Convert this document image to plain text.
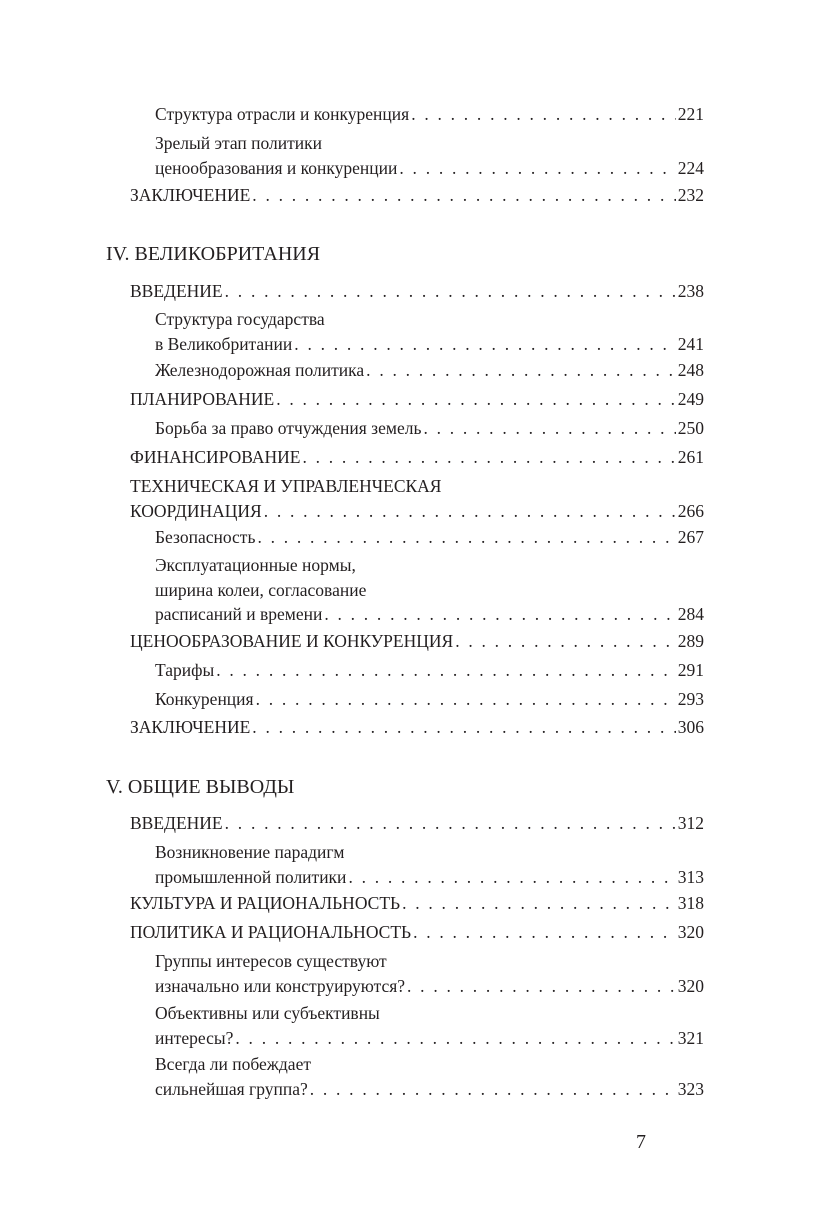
Структура отрасли и конкуренция . . .	221
Зрелый этап политики
ценообразования и конкуренции . . .	224
ЗАКЛЮЧЕНИЕ . . .	232
IV. ВЕЛИКОБРИТАНИЯ
ВВЕДЕНИЕ . . .	238
Структура государства
в Великобритании . . .	241
Железнодорожная политика . . .	248
ПЛАНИРОВАНИЕ . . .	249
Борьба за право отчуждения земель . . .	250
ФИНАНСИРОВАНИЕ . . .	261
ТЕХНИЧЕСКАЯ И УПРАВЛЕНЧЕСКАЯ
КООРДИНАЦИЯ . . .	266
Безопасность . . .	267
Эксплуатационные нормы,
ширина колеи, согласование
расписаний и времени . . .	284
ЦЕНООБРАЗОВАНИЕ И КОНКУРЕНЦИЯ . . .	289
Тарифы . . .	291
Конкуренция . . .	293
ЗАКЛЮЧЕНИЕ . . .	306
V. ОБЩИЕ ВЫВОДЫ
ВВЕДЕНИЕ . . .	312
Возникновение парадигм
промышленной политики . . .	313
КУЛЬТУРА И РАЦИОНАЛЬНОСТЬ . . .	318
ПОЛИТИКА И РАЦИОНАЛЬНОСТЬ . . .	320
Группы интересов существуют
изначально или конструируются? . . .	320
Объективны или субъективны
интересы? . . .	321
Всегда ли побеждает
сильнейшая группа? . . .	323
7
